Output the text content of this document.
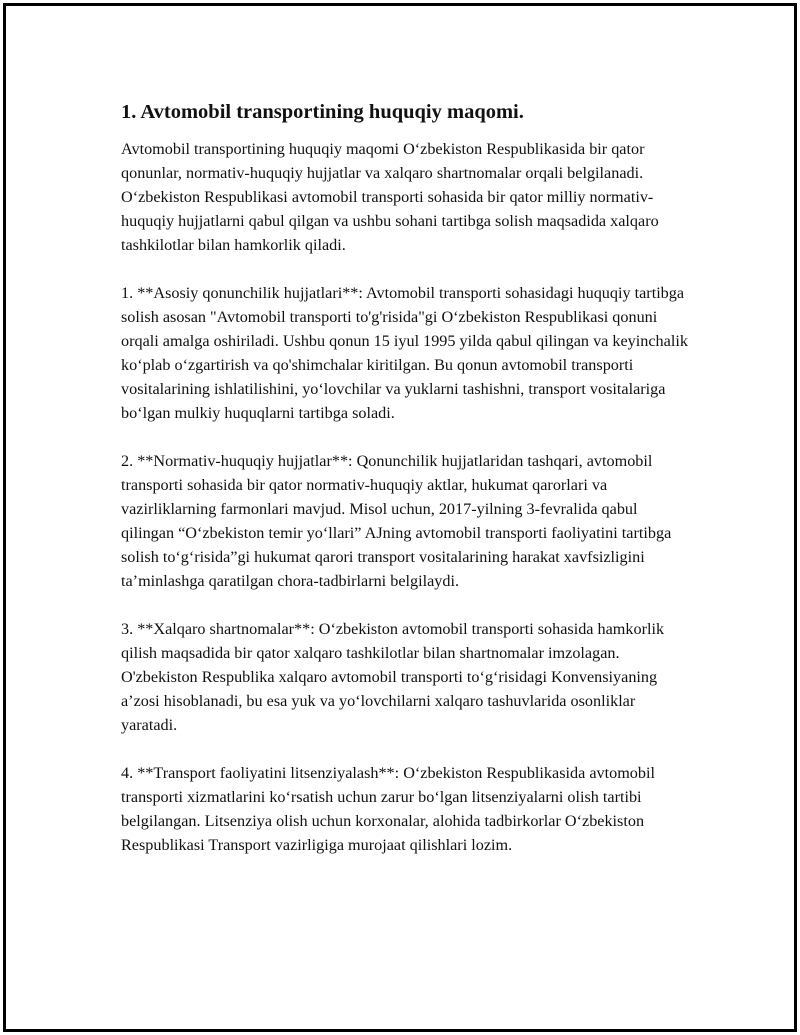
1. Avtomobil transportining huquqiy maqomi.

Avtomobil transportining huquqiy maqomi O‘zbekiston Respublikasida bir qator qonunlar, normativ-huquqiy hujjatlar va xalqaro shartnomalar orqali belgilanadi. O‘zbekiston Respublikasi avtomobil transporti sohasida bir qator milliy normativ-huquqiy hujjatlarni qabul qilgan va ushbu sohani tartibga solish maqsadida xalqaro tashkilotlar bilan hamkorlik qiladi.

1. **Asosiy qonunchilik hujjatlari**: Avtomobil transporti sohasidagi huquqiy tartibga solish asosan "Avtomobil transporti to'g'risida"gi O‘zbekiston Respublikasi qonuni orqali amalga oshiriladi. Ushbu qonun 15 iyul 1995 yilda qabul qilingan va keyinchalik ko‘plab o‘zgartirish va qo'shimchalar kiritilgan. Bu qonun avtomobil transporti vositalarining ishlatilishini, yo‘lovchilar va yuklarni tashishni, transport vositalariga bo‘lgan mulkiy huquqlarni tartibga soladi.

2. **Normativ-huquqiy hujjatlar**: Qonunchilik hujjatlaridan tashqari, avtomobil transporti sohasida bir qator normativ-huquqiy aktlar, hukumat qarorlari va vazirliklarning farmonlari mavjud. Misol uchun, 2017-yilning 3-fevralida qabul qilingan “O‘zbekiston temir yo‘llari” AJning avtomobil transporti faoliyatini tartibga solish to‘g‘risida”gi hukumat qarori transport vositalarining harakat xavfsizligini ta’minlashga qaratilgan chora-tadbirlarni belgilaydi.

3. **Xalqaro shartnomalar**: O‘zbekiston avtomobil transporti sohasida hamkorlik qilish maqsadida bir qator xalqaro tashkilotlar bilan shartnomalar imzolagan. O'zbekiston Respublika xalqaro avtomobil transporti to‘g‘risidagi Konvensiyaning a’zosi hisoblanadi, bu esa yuk va yo‘lovchilarni xalqaro tashuvlarida osonliklar yaratadi.

4. **Transport faoliyatini litsenziyalash**: O‘zbekiston Respublikasida avtomobil transporti xizmatlarini ko‘rsatish uchun zarur bo‘lgan litsenziyalarni olish tartibi belgilangan. Litsenziya olish uchun korxonalar, alohida tadbirkorlar O‘zbekiston Respublikasi Transport vazirligiga murojaat qilishlari lozim.
